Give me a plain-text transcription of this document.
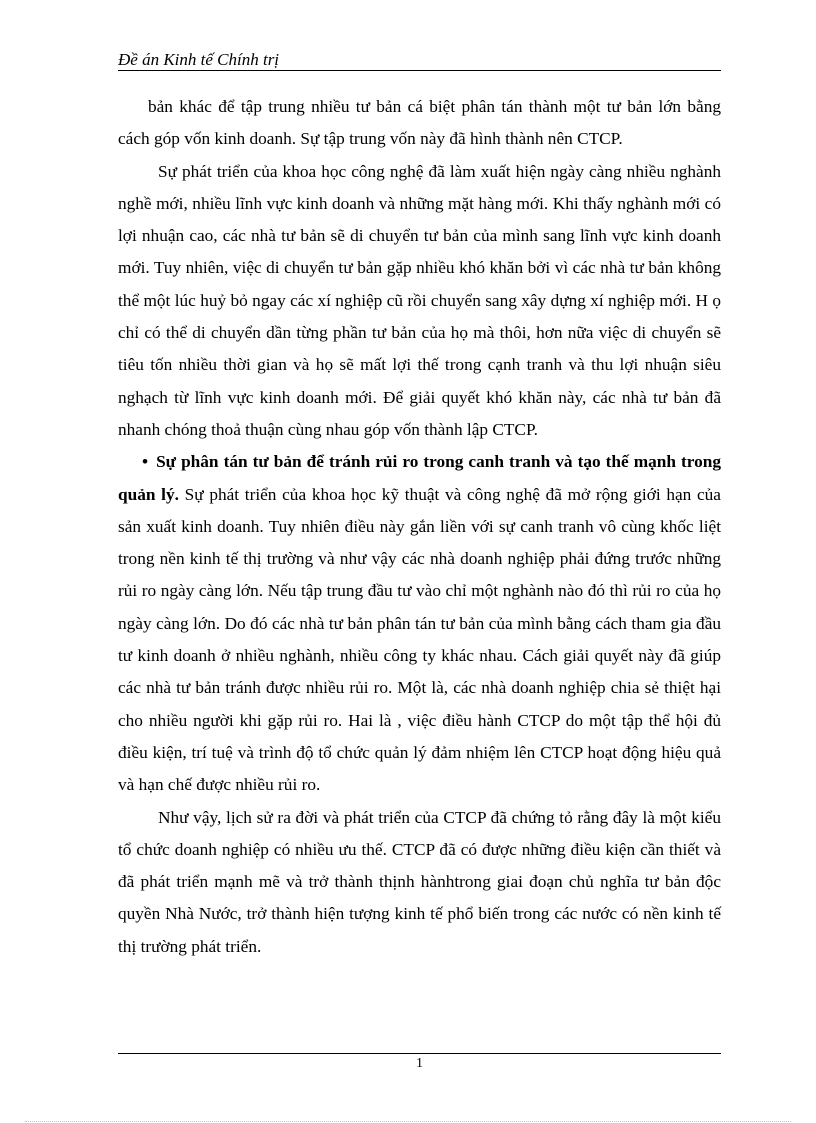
Đề án Kinh tế Chính trị

bản khác để tập trung nhiều tư bản cá biệt phân tán thành một tư bản lớn bằng cách góp vốn kinh doanh. Sự tập trung vốn này đã hình thành nên CTCP.

Sự phát triển của khoa học công nghệ đã làm xuất hiện ngày càng nhiều nghành nghề mới, nhiều lĩnh vực kinh doanh và những mặt hàng mới. Khi thấy nghành mới có lợi nhuận cao, các nhà tư bản sẽ di chuyển tư bản của mình sang lĩnh vực kinh doanh mới. Tuy nhiên, việc di chuyển tư bản gặp nhiều khó khăn bởi vì các nhà tư bản không thể một lúc huỷ bỏ ngay các xí nghiệp cũ rồi chuyển sang xây dựng xí nghiệp mới. H ọ chỉ có thể di chuyển dần từng phần tư bản của họ mà thôi, hơn nữa việc di chuyển sẽ tiêu tốn nhiều thời gian và họ sẽ mất lợi thế trong cạnh tranh và thu lợi nhuận siêu nghạch từ lĩnh vực kinh doanh mới. Để giải quyết khó khăn này, các nhà tư bản đã nhanh chóng thoả thuận cùng nhau góp vốn thành lập CTCP.

• Sự phân tán tư bản để tránh rủi ro trong canh tranh và tạo thế mạnh trong quản lý. Sự phát triển của khoa học kỹ thuật và công nghệ đã mở rộng giới hạn của sản xuất kinh doanh. Tuy nhiên điều này gắn liền với sự canh tranh vô cùng khốc liệt trong nền kinh tế thị trường và như vậy các nhà doanh nghiệp phải đứng trước những rủi ro ngày càng lớn. Nếu tập trung đầu tư vào chỉ một nghành nào đó thì rủi ro của họ ngày càng lớn. Do đó các nhà tư bản phân tán tư bản của mình bằng cách tham gia đầu tư kinh doanh ở nhiều nghành, nhiều công ty khác nhau. Cách giải quyết này đã giúp các nhà tư bản tránh được nhiều rủi ro. Một là, các nhà doanh nghiệp chia sẻ thiệt hại cho nhiều người khi gặp rủi ro. Hai là , việc điều hành CTCP do một tập thể hội đủ điều kiện, trí tuệ và trình độ tổ chức quản lý đảm nhiệm lên CTCP hoạt động hiệu quả và hạn chế được nhiều rủi ro.

Như vậy, lịch sử ra đời và phát triển của CTCP đã chứng tỏ rằng đây là một kiểu tổ chức doanh nghiệp có nhiều ưu thế. CTCP đã có được những điều kiện cần thiết và đã phát triển mạnh mẽ và trở thành thịnh hànhtrong giai đoạn chủ nghĩa tư bản độc quyền Nhà Nước, trở thành hiện tượng kinh tế phổ biến trong các nước có nền kinh tế thị trường phát triển.

1
